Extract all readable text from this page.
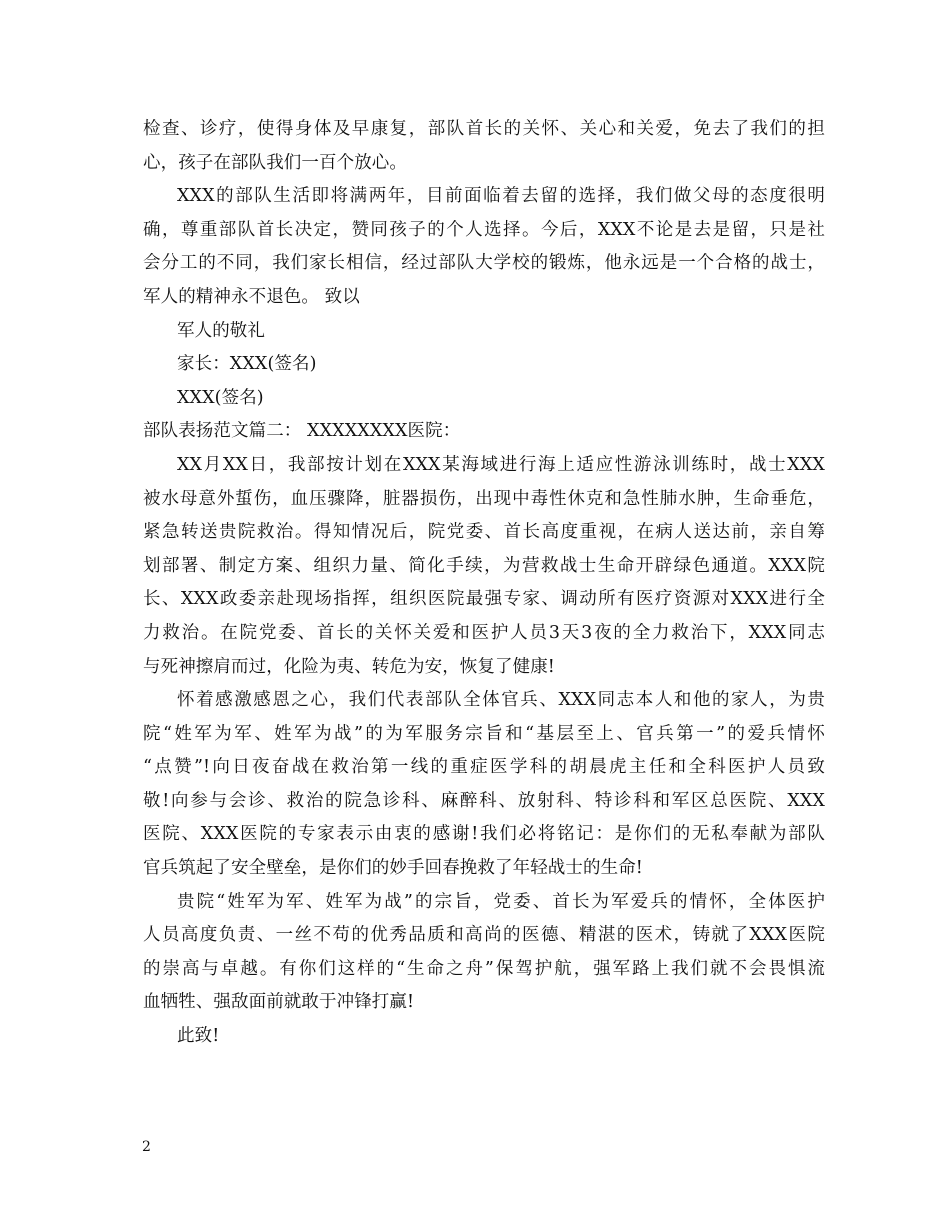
检查、诊疗，使得身体及早康复，部队首长的关怀、关心和关爱，免去了我们的担
心，孩子在部队我们一百个放心。
XXX的部队生活即将满两年，目前面临着去留的选择，我们做父母的态度很明
确，尊重部队首长决定，赞同孩子的个人选择。今后，XXX不论是去是留，只是社
会分工的不同，我们家长相信，经过部队大学校的锻炼，他永远是一个合格的战士，
军人的精神永不退色。 致以
军人的敬礼
家长：XXX(签名)
XXX(签名)
部队表扬范文篇二： XXXXXXXX医院：
XX月XX日，我部按计划在XXX某海域进行海上适应性游泳训练时，战士XXX
被水母意外蜇伤，血压骤降，脏器损伤，出现中毒性休克和急性肺水肿，生命垂危，
紧急转送贵院救治。得知情况后，院党委、首长高度重视，在病人送达前，亲自筹
划部署、制定方案、组织力量、简化手续，为营救战士生命开辟绿色通道。XXX院
长、XXX政委亲赴现场指挥，组织医院最强专家、调动所有医疗资源对XXX进行全
力救治。在院党委、首长的关怀关爱和医护人员3天3夜的全力救治下，XXX同志
与死神擦肩而过，化险为夷、转危为安，恢复了健康!
怀着感激感恩之心，我们代表部队全体官兵、XXX同志本人和他的家人，为贵
院“姓军为军、姓军为战”的为军服务宗旨和“基层至上、官兵第一”的爱兵情怀
“点赞”!向日夜奋战在救治第一线的重症医学科的胡晨虎主任和全科医护人员致
敬!向参与会诊、救治的院急诊科、麻醉科、放射科、特诊科和军区总医院、XXX
医院、XXX医院的专家表示由衷的感谢!我们必将铭记：是你们的无私奉献为部队
官兵筑起了安全壁垒，是你们的妙手回春挽救了年轻战士的生命!
贵院“姓军为军、姓军为战”的宗旨，党委、首长为军爱兵的情怀，全体医护
人员高度负责、一丝不苟的优秀品质和高尚的医德、精湛的医术，铸就了XXX医院
的崇高与卓越。有你们这样的“生命之舟”保驾护航，强军路上我们就不会畏惧流
血牺牲、强敌面前就敢于冲锋打赢!
此致!
2
